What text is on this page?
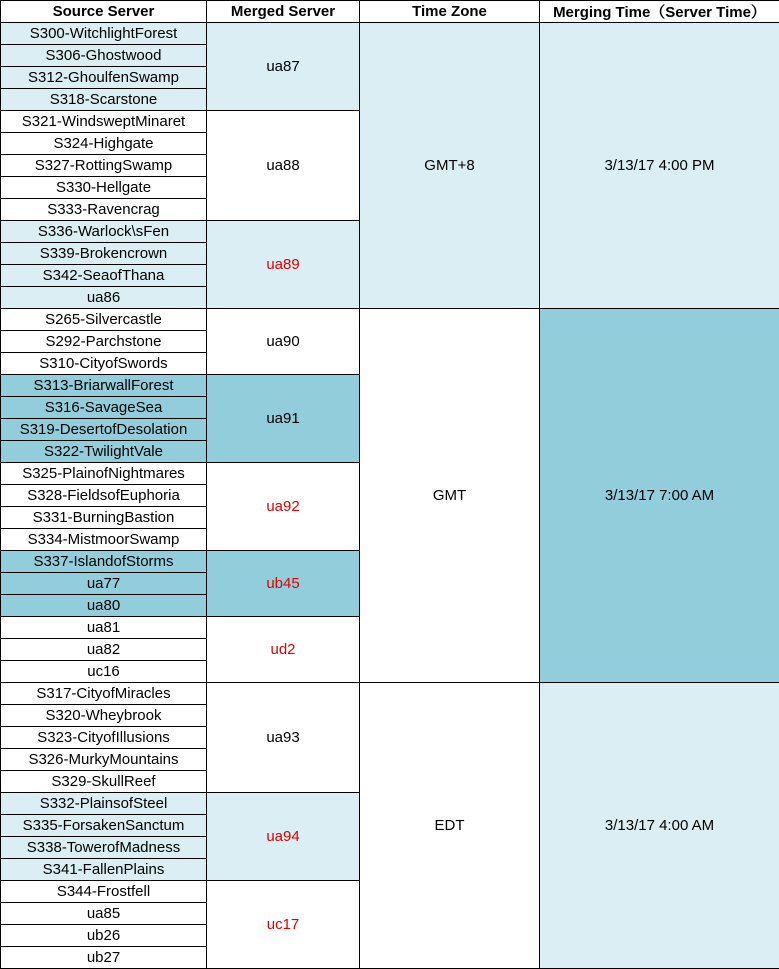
Source Server	Merged Server	Time Zone	Merging Time（Server Time）
S300-WitchlightForest	ua87	GMT+8	3/13/17 4:00 PM
S306-Ghostwood			
S312-GhoulfenSwamp			
S318-Scarstone			
S321-WindsweptMinaret	ua88		
S324-Highgate			
S327-RottingSwamp			
S330-Hellgate			
S333-Ravencrag			
S336-Warlock\sFen	ua89		
S339-Brokencrown			
S342-SeaofThana			
ua86			
S265-Silvercastle	ua90	GMT	3/13/17 7:00 AM
S292-Parchstone			
S310-CityofSwords			
S313-BriarwallForest	ua91		
S316-SavageSea			
S319-DesertofDesolation			
S322-TwilightVale			
S325-PlainofNightmares	ua92		
S328-FieldsofEuphoria			
S331-BurningBastion			
S334-MistmoorSwamp			
S337-IslandofStorms	ub45		
ua77			
ua80			
ua81	ud2		
ua82			
uc16			
S317-CityofMiracles	ua93	EDT	3/13/17 4:00 AM
S320-Wheybrook			
S323-CityofIllusions			
S326-MurkyMountains			
S329-SkullReef			
S332-PlainsofSteel	ua94		
S335-ForsakenSanctum			
S338-TowerofMadness			
S341-FallenPlains			
S344-Frostfell	uc17		
ua85			
ub26			
ub27			
